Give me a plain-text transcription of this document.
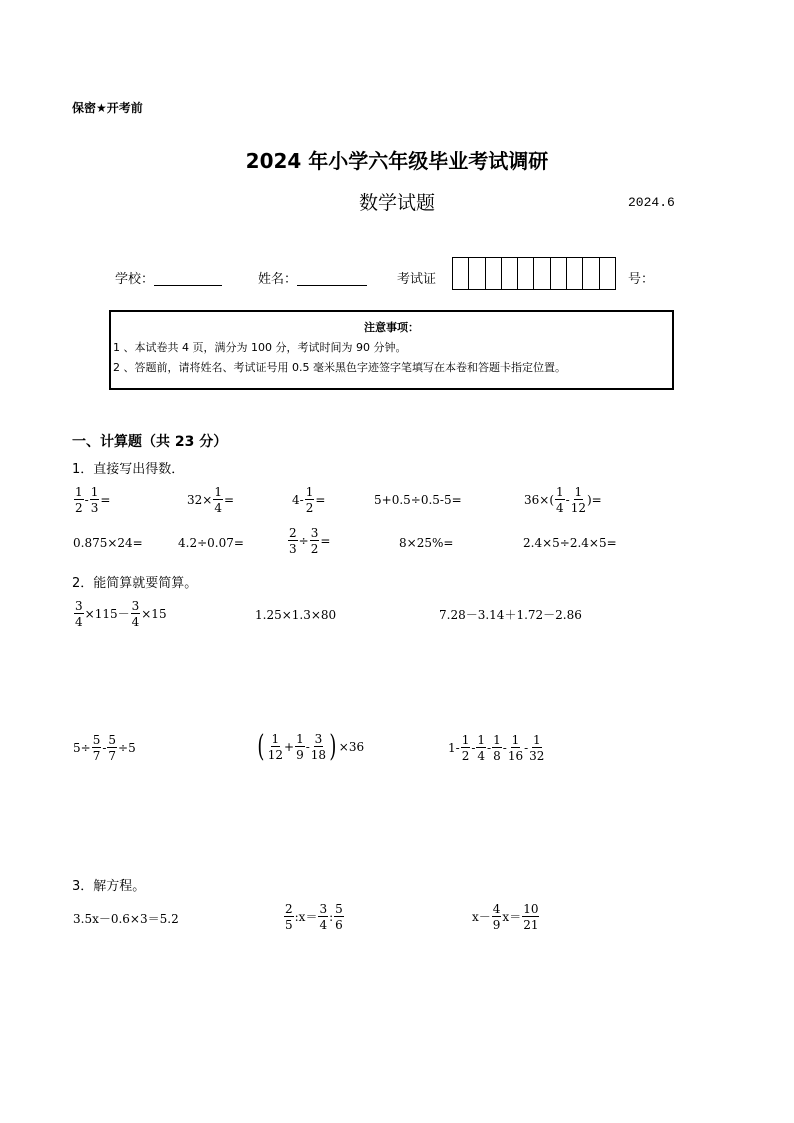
保密★开考前
2024 年小学六年级毕业考试调研
数学试题	2024.6
学校：	姓名：	考试证	号：
注意事项：
1 、本试卷共 4 页，满分为 100 分，考试时间为 90 分钟。
2 、答题前，请将姓名、考试证号用 0.5 毫米黑色字迹签字笔填写在本卷和答题卡指定位置。
一、计算题（共 23 分）
1．直接写出得数．
$\frac{1}{2} - \frac{1}{3}$ =	$32\times \frac{1}{4}$ =	$4- \frac{1}{2}$ =	5+0.5÷0.5-5=	$36\times( \frac{1}{4} - \frac{1}{12}$ )=
0.875×24=	4.2÷0.07=	$\frac{2}{3} \div \frac{3}{2}$ =	8×25%=	2.4×5÷2.4×5=
2．能简算就要简算。
$\frac{3}{4} \times 115- \frac{3}{4} \times 15$	1.25×1.3×80	7.28－3.14＋1.72－2.86
$5\div \frac{5}{7} - \frac{5}{7} \div 5$	( $\frac{1}{12} + \frac{1}{9} - \frac{3}{18}$ ) ×36	$1- \frac{1}{2} - \frac{1}{4} - \frac{1}{8} - \frac{1}{16} - \frac{1}{32}$
3．解方程。
3.5x－0.6×3＝5.2	$\frac{2}{5}$ :x＝ $\frac{3}{4}$ : $\frac{5}{6}$	$x- \frac{4}{9} x= \frac{10}{21}$
